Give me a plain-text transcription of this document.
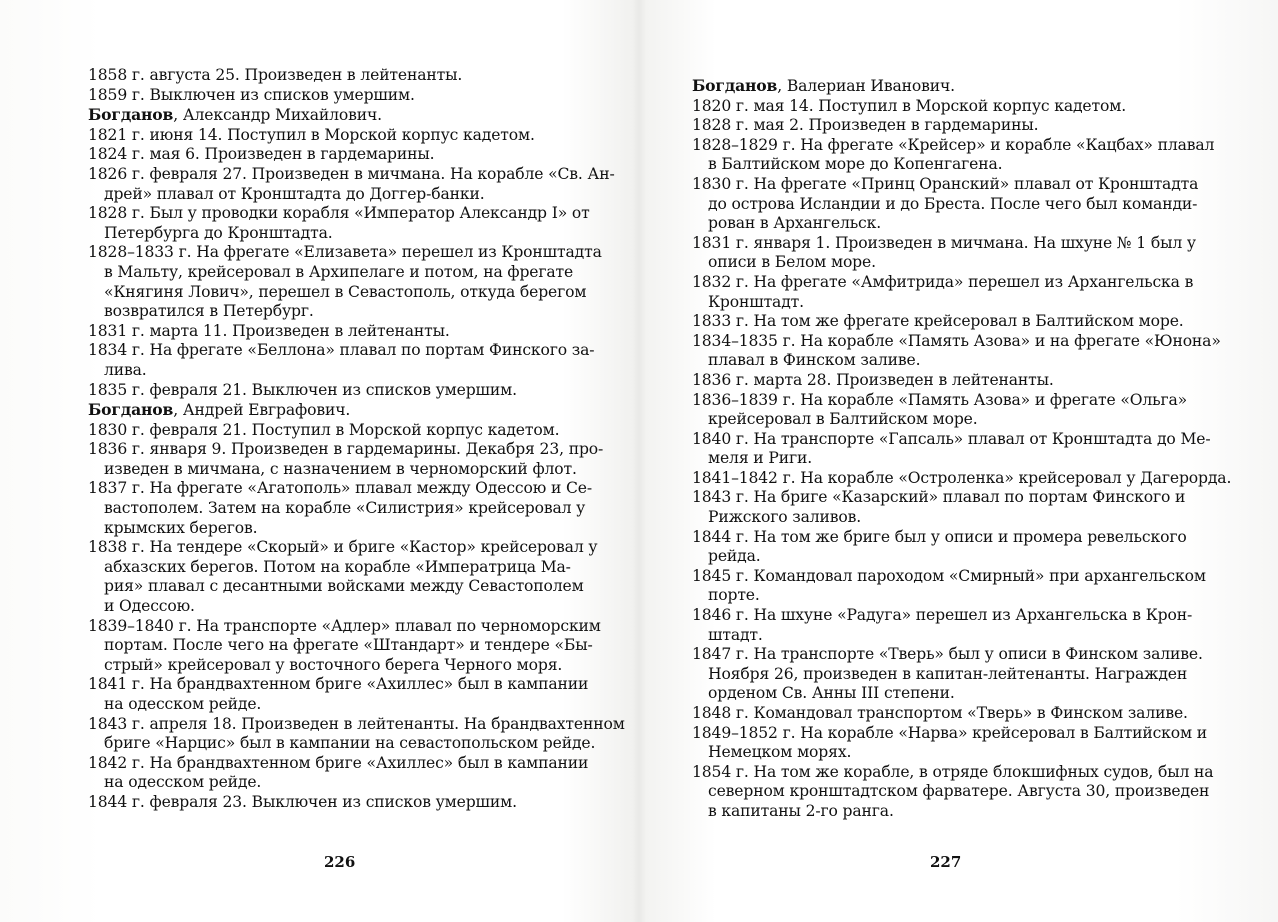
1858 г. августа 25. Произведен в лейтенанты.
1859 г. Выключен из списков умершим.
Богданов, Александр Михайлович.
1821 г. июня 14. Поступил в Морской корпус кадетом.
1824 г. мая 6. Произведен в гардемарины.
1826 г. февраля 27. Произведен в мичмана. На корабле «Св. Ан-
дрей» плавал от Кронштадта до Доггер-банки.
1828 г. Был у проводки корабля «Император Александр I» от
Петербурга до Кронштадта.
1828–1833 г. На фрегате «Елизавета» перешел из Кронштадта
в Мальту, крейсеровал в Архипелаге и потом, на фрегате
«Княгиня Лович», перешел в Севастополь, откуда берегом
возвратился в Петербург.
1831 г. марта 11. Произведен в лейтенанты.
1834 г. На фрегате «Беллона» плавал по портам Финского за-
лива.
1835 г. февраля 21. Выключен из списков умершим.
Богданов, Андрей Евграфович.
1830 г. февраля 21. Поступил в Морской корпус кадетом.
1836 г. января 9. Произведен в гардемарины. Декабря 23, про-
изведен в мичмана, с назначением в черноморский флот.
1837 г. На фрегате «Агатополь» плавал между Одессою и Се-
вастополем. Затем на корабле «Силистрия» крейсеровал у
крымских берегов.
1838 г. На тендере «Скорый» и бриге «Кастор» крейсеровал у
абхазских берегов. Потом на корабле «Императрица Ма-
рия» плавал с десантными войсками между Севастополем
и Одессою.
1839–1840 г. На транспорте «Адлер» плавал по черноморским
портам. После чего на фрегате «Штандарт» и тендере «Бы-
стрый» крейсеровал у восточного берега Черного моря.
1841 г. На брандвахтенном бриге «Ахиллес» был в кампании
на одесском рейде.
1843 г. апреля 18. Произведен в лейтенанты. На брандвахтенном
бриге «Нарцис» был в кампании на севастопольском рейде.
1842 г. На брандвахтенном бриге «Ахиллес» был в кампании
на одесском рейде.
1844 г. февраля 23. Выключен из списков умершим.
Богданов, Валериан Иванович.
1820 г. мая 14. Поступил в Морской корпус кадетом.
1828 г. мая 2. Произведен в гардемарины.
1828–1829 г. На фрегате «Крейсер» и корабле «Кацбах» плавал
в Балтийском море до Копенгагена.
1830 г. На фрегате «Принц Оранский» плавал от Кронштадта
до острова Исландии и до Бреста. После чего был команди-
рован в Архангельск.
1831 г. января 1. Произведен в мичмана. На шхуне № 1 был у
описи в Белом море.
1832 г. На фрегате «Амфитрида» перешел из Архангельска в
Кронштадт.
1833 г. На том же фрегате крейсеровал в Балтийском море.
1834–1835 г. На корабле «Память Азова» и на фрегате «Юнона»
плавал в Финском заливе.
1836 г. марта 28. Произведен в лейтенанты.
1836–1839 г. На корабле «Память Азова» и фрегате «Ольга»
крейсеровал в Балтийском море.
1840 г. На транспорте «Гапсаль» плавал от Кронштадта до Ме-
меля и Риги.
1841–1842 г. На корабле «Остроленка» крейсеровал у Дагерорда.
1843 г. На бриге «Казарский» плавал по портам Финского и
Рижского заливов.
1844 г. На том же бриге был у описи и промера ревельского
рейда.
1845 г. Командовал пароходом «Смирный» при архангельском
порте.
1846 г. На шхуне «Радуга» перешел из Архангельска в Крон-
штадт.
1847 г. На транспорте «Тверь» был у описи в Финском заливе.
Ноября 26, произведен в капитан-лейтенанты. Награжден
орденом Св. Анны III степени.
1848 г. Командовал транспортом «Тверь» в Финском заливе.
1849–1852 г. На корабле «Нарва» крейсеровал в Балтийском и
Немецком морях.
1854 г. На том же корабле, в отряде блокшифных судов, был на
северном кронштадтском фарватере. Августа 30, произведен
в капитаны 2-го ранга.
226	227
